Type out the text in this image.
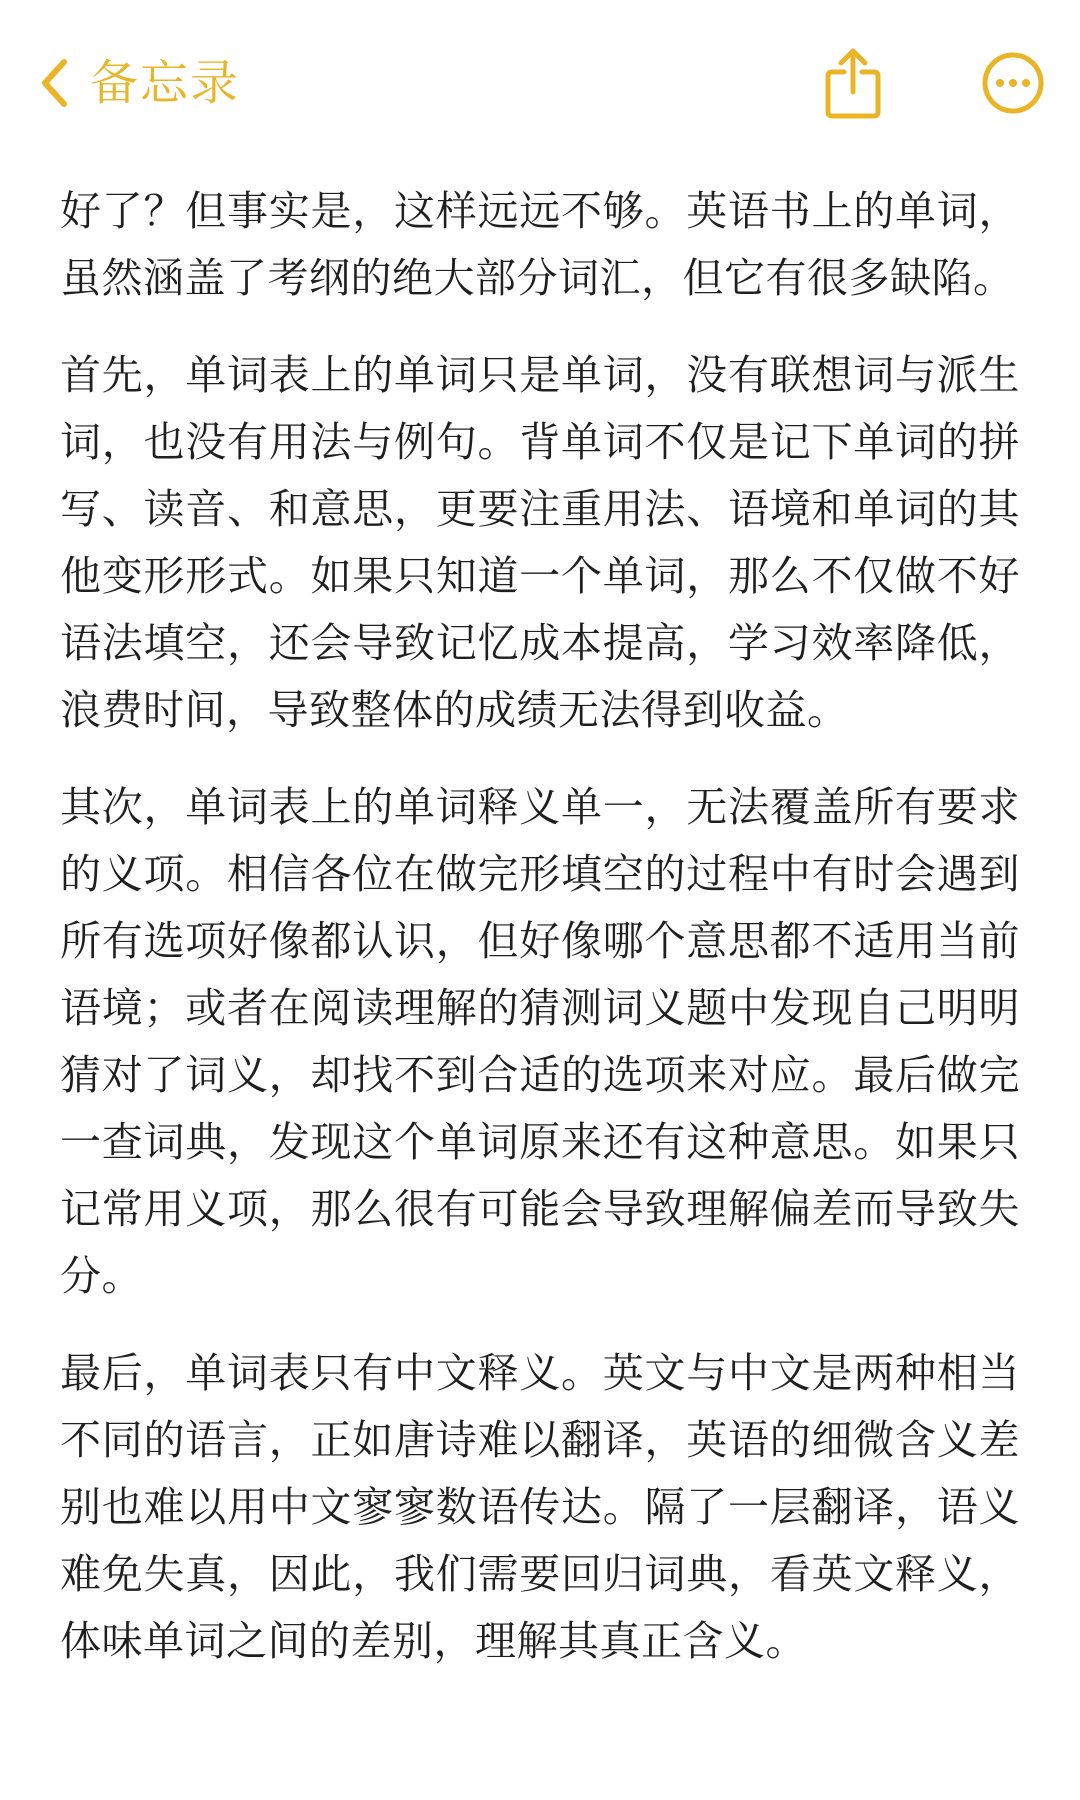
备忘录

好了？但事实是，这样远远不够。英语书上的单词，虽然涵盖了考纲的绝大部分词汇，但它有很多缺陷。

首先，单词表上的单词只是单词，没有联想词与派生词，也没有用法与例句。背单词不仅是记下单词的拼写、读音、和意思，更要注重用法、语境和单词的其他变形形式。如果只知道一个单词，那么不仅做不好语法填空，还会导致记忆成本提高，学习效率降低，浪费时间，导致整体的成绩无法得到收益。

其次，单词表上的单词释义单一，无法覆盖所有要求的义项。相信各位在做完形填空的过程中有时会遇到所有选项好像都认识，但好像哪个意思都不适用当前语境；或者在阅读理解的猜测词义题中发现自己明明猜对了词义，却找不到合适的选项来对应。最后做完一查词典，发现这个单词原来还有这种意思。如果只记常用义项，那么很有可能会导致理解偏差而导致失分。

最后，单词表只有中文释义。英文与中文是两种相当不同的语言，正如唐诗难以翻译，英语的细微含义差别也难以用中文寥寥数语传达。隔了一层翻译，语义难免失真，因此，我们需要回归词典，看英文释义，体味单词之间的差别，理解其真正含义。
